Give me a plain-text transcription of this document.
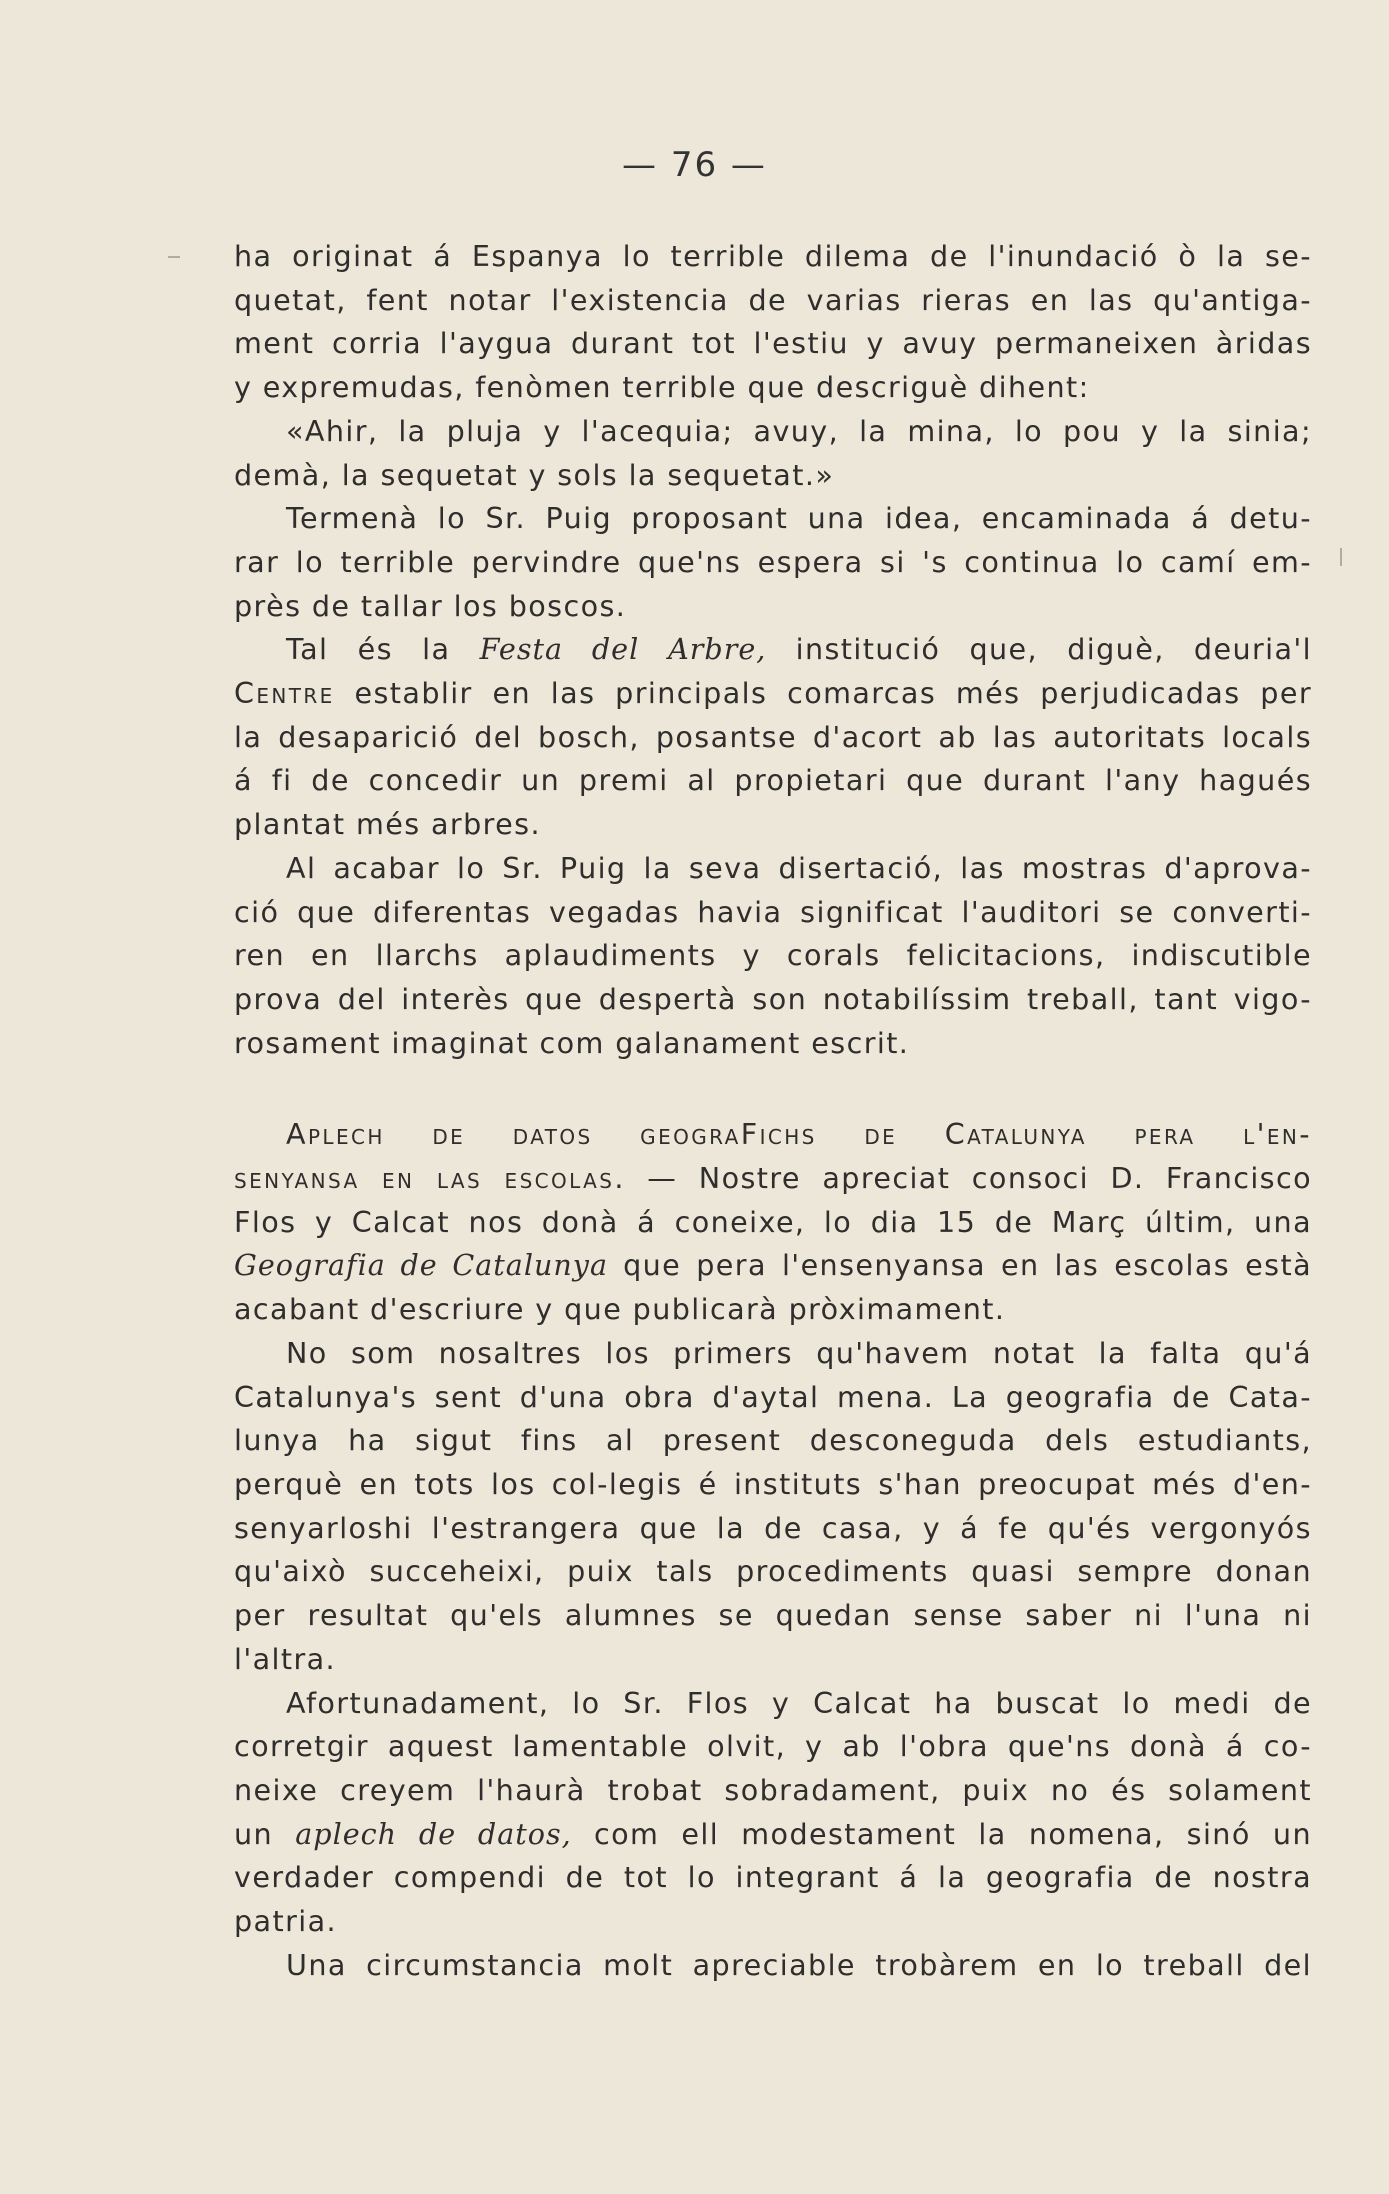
— 76 —
ha originat á Espanya lo terrible dilema de l'inundació ò la se-
quetat, fent notar l'existencia de varias rieras en las qu'antiga-
ment corria l'aygua durant tot l'estiu y avuy permaneixen àridas
y expremudas, fenòmen terrible que descriguè dihent:
«Ahir, la pluja y l'acequia; avuy, la mina, lo pou y la sinia;
demà, la sequetat y sols la sequetat.»
Termenà lo Sr. Puig proposant una idea, encaminada á detu-
rar lo terrible pervindre que'ns espera si 's continua lo camí em-
près de tallar los boscos.
Tal és la Festa del Arbre, institució que, diguè, deuria'l
Centre establir en las principals comarcas més perjudicadas per
la desaparició del bosch, posantse d'acort ab las autoritats locals
á fi de concedir un premi al propietari que durant l'any hagués
plantat més arbres.
Al acabar lo Sr. Puig la seva disertació, las mostras d'aprova-
ció que diferentas vegadas havia significat l'auditori se converti-
ren en llarchs aplaudiments y corals felicitacions, indiscutible
prova del interès que despertà son notabilíssim treball, tant vigo-
rosament imaginat com galanament escrit.
Aplech de datos geograFichs de Catalunya pera l'en-
senyansa en las escolas. — Nostre apreciat consoci D. Francisco
Flos y Calcat nos donà á coneixe, lo dia 15 de Març últim, una
Geografia de Catalunya que pera l'ensenyansa en las escolas està
acabant d'escriure y que publicarà pròximament.
No som nosaltres los primers qu'havem notat la falta qu'á
Catalunya's sent d'una obra d'aytal mena. La geografia de Cata-
lunya ha sigut fins al present desconeguda dels estudiants,
perquè en tots los col-legis é instituts s'han preocupat més d'en-
senyarloshi l'estrangera que la de casa, y á fe qu'és vergonyós
qu'això succeheixi, puix tals procediments quasi sempre donan
per resultat qu'els alumnes se quedan sense saber ni l'una ni
l'altra.
Afortunadament, lo Sr. Flos y Calcat ha buscat lo medi de
corretgir aquest lamentable olvit, y ab l'obra que'ns donà á co-
neixe creyem l'haurà trobat sobradament, puix no és solament
un aplech de datos, com ell modestament la nomena, sinó un
verdader compendi de tot lo integrant á la geografia de nostra
patria.
Una circumstancia molt apreciable trobàrem en lo treball del
